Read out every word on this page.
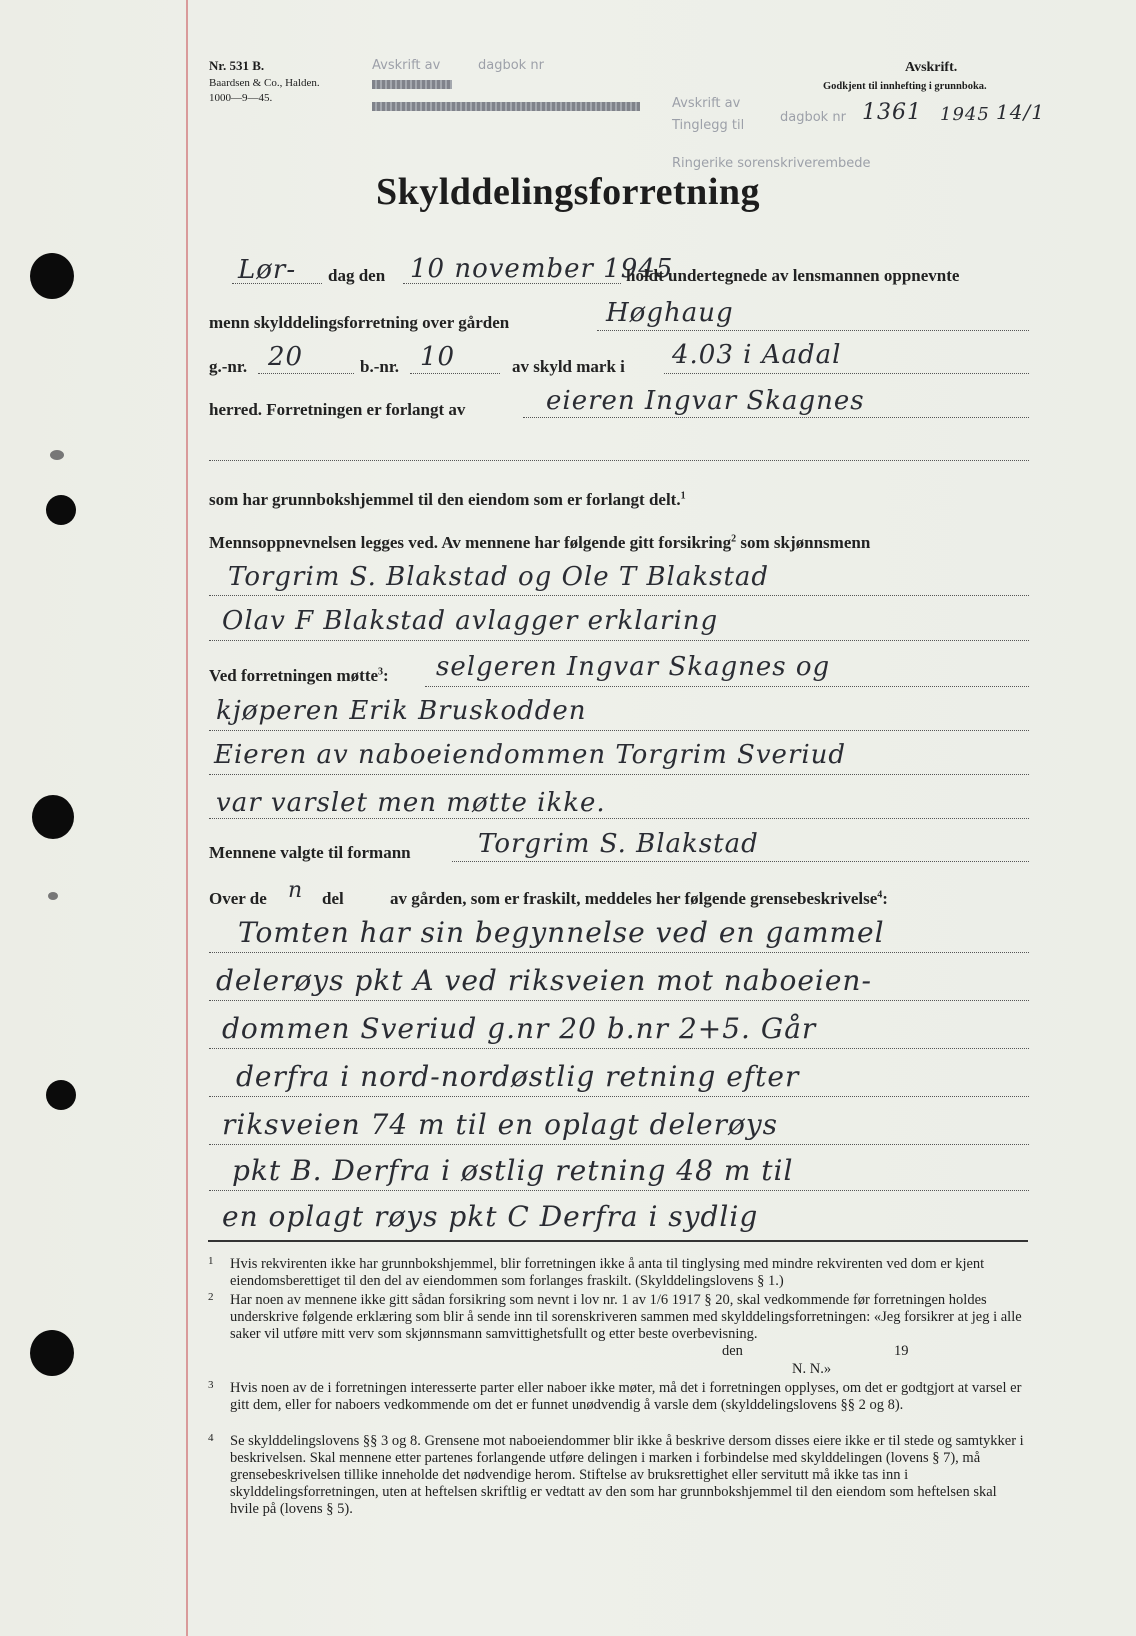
Nr. 531 B.
Baardsen & Co., Halden.
1000—9—45.
Avskrift av	dagbok nr	Avskrift.
Godkjent til innhefting i grunnboka.
Avskrift av
Tinglegg til
Ringerike sorenskriverembede
dagbok nr 1361 1945 14/1
Skylddelingsforretning
Lør- dag den 10 november 1945
holdt undertegnede av lensmannen oppnevnte
menn skylddelingsforretning over gården	Høghaug
g.-nr. 20	b.-nr. 10	av skyld mark i 4.03 i Aadal
herred. Forretningen er forlangt av	eieren Ingvar Skagnes
som har grunnbokshjemmel til den eiendom som er forlangt delt.$^1$
Mennsoppnevnelsen legges ved. Av mennene har følgende gitt forsikring$^2$ som skjønnsmenn
Torgrim S. Blakstad og Ole T Blakstad
Olav F Blakstad avlagger erklaring
Ved forretningen møtte$^3$: selgeren Ingvar Skagnes og
kjøperen Erik Bruskodden
Eieren av naboeiendommen Torgrim Sveriud
var varslet men møtte ikke.
Mennene valgte til formann	Torgrim S. Blakstad
Over de n del	av gården, som er fraskilt, meddeles her følgende grensebeskrivelse$^4$:
Tomten har sin begynnelse ved en gammel
delerøys pkt A ved riksveien mot naboeien-
dommen Sveriud g.nr 20 b.nr 2+5. Går
derfra i nord-nordøstlig retning efter
riksveien 74 m til en oplagt delerøys
pkt B. Derfra i østlig retning 48 m til
en oplagt røys pkt C Derfra i sydlig

1 Hvis rekvirenten ikke har grunnbokshjemmel, blir forretningen ikke å anta til tinglysing med mindre rekvirenten ved dom er kjent eiendomsberettiget til den del av eiendommen som forlanges fraskilt. (Skylddelingslovens § 1.)

2 Har noen av mennene ikke gitt sådan forsikring som nevnt i lov nr. 1 av 1/6 1917 § 20, skal vedkommende før forretningen holdes underskrive følgende erklæring som blir å sende inn til sorenskriveren sammen med skylddelingsforretningen: «Jeg forsikrer at jeg i alle saker vil utføre mitt verv som skjønnsmann samvittighetsfullt og etter beste overbevisning.

den	19
N. N.»

3 Hvis noen av de i forretningen interesserte parter eller naboer ikke møter, må det i forretningen opplyses, om det er godtgjort at varsel er gitt dem, eller for naboers vedkommende om det er funnet unødvendig å varsle dem (skylddelingslovens §§ 2 og 8).

4 Se skylddelingslovens §§ 3 og 8. Grensene mot naboeiendommer blir ikke å beskrive dersom disses eiere ikke er til stede og samtykker i beskrivelsen. Skal mennene etter partenes forlangende utføre delingen i marken i forbindelse med skylddelingen (lovens § 7), må grensebeskrivelsen tillike inneholde det nødvendige herom. Stiftelse av bruksrettighet eller servitutt må ikke tas inn i skylddelingsforretningen, uten at heftelsen skriftlig er vedtatt av den som har grunnbokshjemmel til den eiendom som heftelsen skal hvile på (lovens § 5).
